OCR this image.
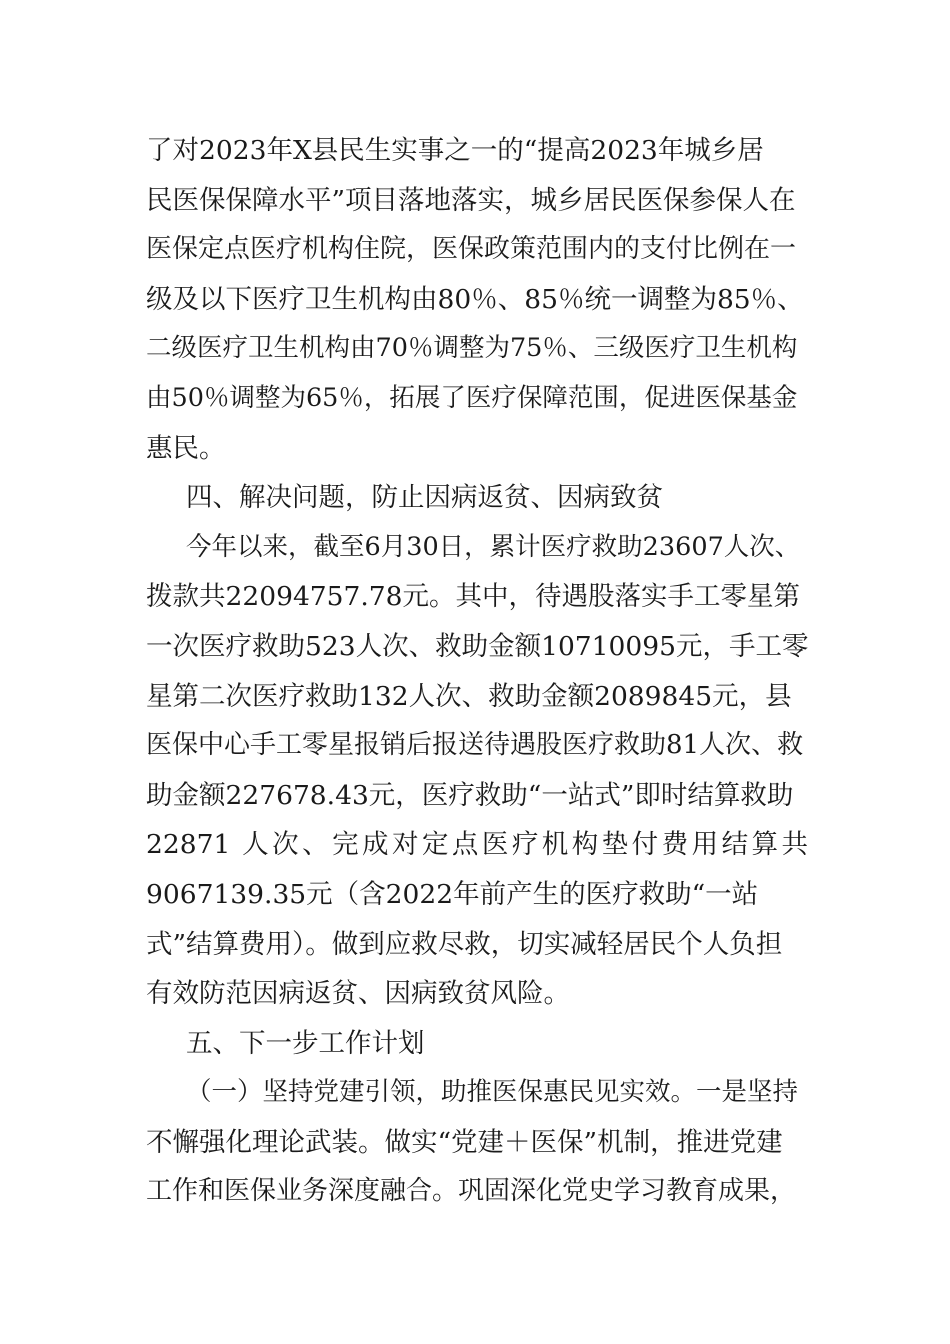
了对2023年X县民生实事之一的“提高2023年城乡居
民医保保障水平”项目落地落实，城乡居民医保参保人在
医保定点医疗机构住院，医保政策范围内的支付比例在一
级及以下医疗卫生机构由80％、85％统一调整为85％、
二级医疗卫生机构由70％调整为75％、三级医疗卫生机构
由50％调整为65％，拓展了医疗保障范围，促进医保基金
惠民。
四、解决问题，防止因病返贫、因病致贫
今年以来，截至6月30日，累计医疗救助23607人次、
拨款共22094757.78元。其中，待遇股落实手工零星第
一次医疗救助523人次、救助金额10710095元，手工零
星第二次医疗救助132人次、救助金额2089845元，县
医保中心手工零星报销后报送待遇股医疗救助81人次、救
助金额227678.43元，医疗救助“一站式”即时结算救助
22871 人次、完成对定点医疗机构垫付费用结算共
9067139.35元（含2022年前产生的医疗救助“一站
式”结算费用）。做到应救尽救，切实减轻居民个人负担
有效防范因病返贫、因病致贫风险。
五、下一步工作计划
（一）坚持党建引领，助推医保惠民见实效。一是坚持
不懈强化理论武装。做实“党建＋医保”机制，推进党建
工作和医保业务深度融合。巩固深化党史学习教育成果，
